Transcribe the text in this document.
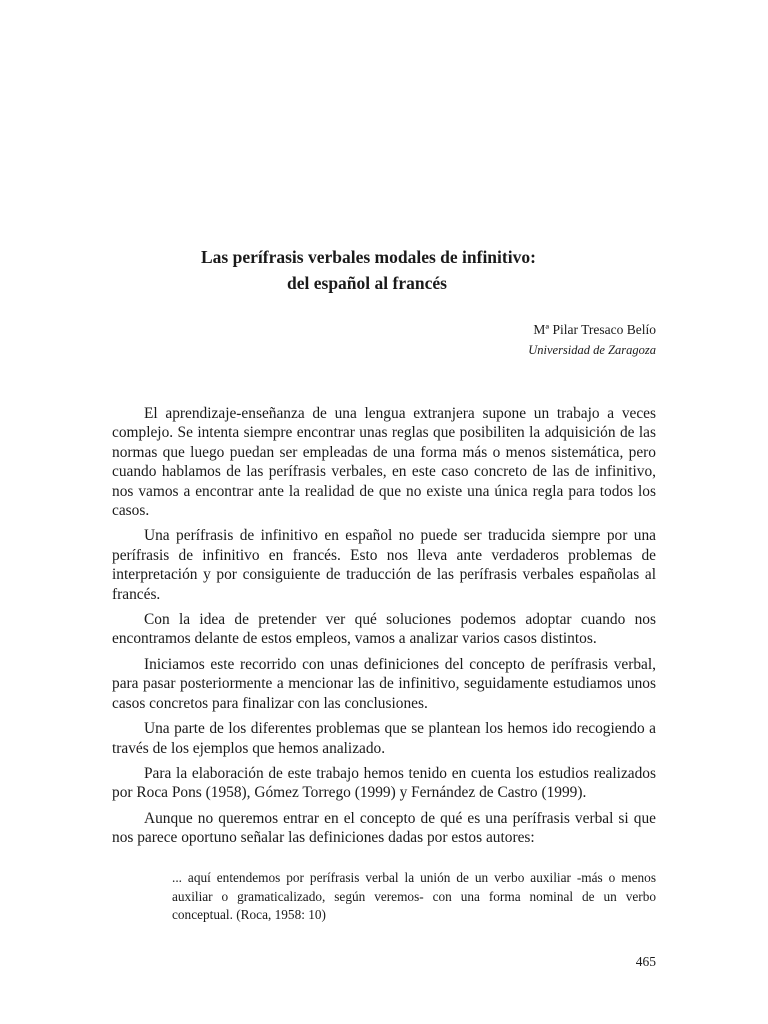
Las perífrasis verbales modales de infinitivo:
del español al francés
Mª Pilar Tresaco Belío
Universidad de Zaragoza

El aprendizaje-enseñanza de una lengua extranjera supone un trabajo a veces complejo. Se intenta siempre encontrar unas reglas que posibiliten la adquisición de las normas que luego puedan ser empleadas de una forma más o menos sistemática, pero cuando hablamos de las perífrasis verbales, en este caso concreto de las de infinitivo, nos vamos a encontrar ante la realidad de que no existe una única regla para todos los casos.

Una perífrasis de infinitivo en español no puede ser traducida siempre por una perífrasis de infinitivo en francés. Esto nos lleva ante verdaderos problemas de interpretación y por consiguiente de traducción de las perífrasis verbales españolas al francés.

Con la idea de pretender ver qué soluciones podemos adoptar cuando nos encontramos delante de estos empleos, vamos a analizar varios casos distintos.

Iniciamos este recorrido con unas definiciones del concepto de perífrasis verbal, para pasar posteriormente a mencionar las de infinitivo, seguidamente estudiamos unos casos concretos para finalizar con las conclusiones.

Una parte de los diferentes problemas que se plantean los hemos ido recogiendo a través de los ejemplos que hemos analizado.

Para la elaboración de este trabajo hemos tenido en cuenta los estudios realizados por Roca Pons (1958), Gómez Torrego (1999) y Fernández de Castro (1999).

Aunque no queremos entrar en el concepto de qué es una perífrasis verbal si que nos parece oportuno señalar las definiciones dadas por estos autores:

... aquí entendemos por perífrasis verbal la unión de un verbo auxiliar -más o menos auxiliar o gramaticalizado, según veremos- con una forma nominal de un verbo conceptual. (Roca, 1958: 10)
465
